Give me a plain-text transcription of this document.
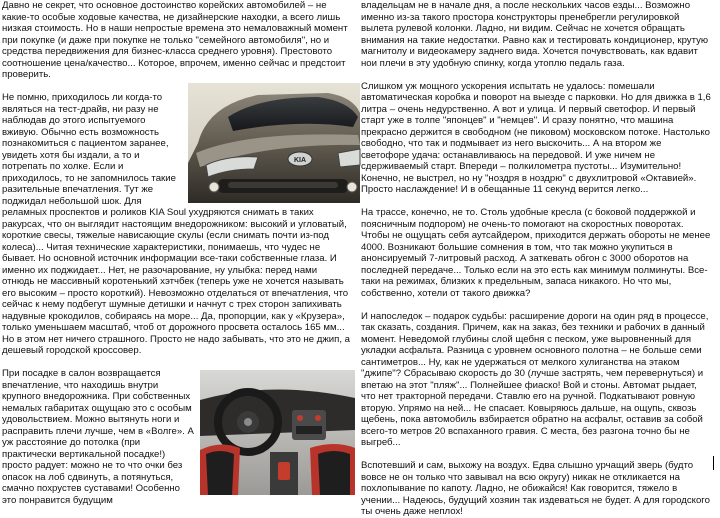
Давно не секрет, что основное достоинство корейских автомобилей – не какие-то особые ходовые качества, не дизайнерские находки, а всего лишь низкая стоимость. Но в наши непростые времена это немаловажный момент при покупке (и даже при покупке не только "семейного автомобиля", но и средства передвижения для бизнес-класса среднего уровня). Престовото соотношение цена/качество... Которое, впрочем, именно сейчас и предстоит проверить.

KIA

Не помню, приходилось ли когда-то являться на тест-драйв, ни разу не наблюдав до этого испытуемого вживую. Обычно есть возможность познакомиться с пациентом заранее, увидеть хотя бы издали, а то и потрепать по холке. Если и приходилось, то не запомнилось такие разительные впечатления. Тут же поджидал небольшой шок. Для реламных проспектов и роликов KIA Soul ухудряются снимать в таких ракурсах, что он выглядит настоящим внедорожником: высокий и угловатый, короткие свесы, тяжелые нависающие скулы (если снимать почти из-под колеса)... Читая технические характеристики, понимаешь, что чудес не бывает. Но основной источник информации все-таки собственные глаза. И именно их поджидает... Нет, не разочарование, ну улыбка: перед нами отнюдь не массивный коротенький хэтчбек (теперь уже не хочется называть его высоким – просто короткий). Невозможно отделаться от впечатления, что сейчас к нему подбегут шумные детишки и начнут с трех сторон запихивать надувные крокодилов, собираясь на море... Да, пропорции, как у «Крузера», только уменьшаем масштаб, чтоб от дорожного просвета осталось 165 мм... Но в этом нет ничего страшного. Просто не надо забывать, что это не джип, а дешевый городской кроссовер.

При посадке в салон возвращается впечатление, что находишь внутри крупного внедорожника. При собственных немалых габаритах ощущаю это с особым удовольствием. Можно вытянуть ноги и расправить плечи лучше, чем в «Волге». А уж расстояние до потолка (при практически вертикальной посадке!) просто радует: можно не то что очки без опасок на лоб сдвинуть, а потянуться, смачно похрустев суставами! Особенно это понравится будущим

владельцам не в начале дня, а после нескольких часов езды... Возможно именно из-за такого простора конструкторы пренебрегли регулировкой вылета рулевой колонки. Ладно, ни видим. Сейчас не хочется обращать внимания на такие недостатки. Равно как и тестировать кондиционер, крутую магнитолу и видеокамеру заднего вида. Хочется почувствовать, как вдавит нои плечи в эту удобную спинку, когда утоплю педаль газа.

Слишком уж мощного ускорения испытать не удалось: помешали автоматическая коробка и поворот на выезде с парковки. Но для движка в 1,6 литра – очень недурственно. А вот и улица. И первый светофор. И первый старт уже в толпе "японцев" и "немцев". И сразу понятно, что машина прекрасно держится в свободном (не пиковом) московском потоке. Настолько свободно, что так и подмывает из него выскочить... А на втором же светофоре удача: останавливаюсь на передовой. И уже ничем не сдерживаемый старт. Впереди – полкилометра пустоты... Изумительно! Конечно, не выстрел, но ну "ноздря в ноздрю" с двухлитровой «Октавией». Просто наслаждение! И в обещанные 11 секунд верится легко...

На трассе, конечно, не то. Столь удобные кресла (с боковой поддержкой и поясничным подпором) не очень-то помогают на скоростных поворотах. Чтобы не ощущать себя аутсайдером, приходится держать обороты не менее 4000. Возникают большие сомнения в том, что так можно укупиться в анонсируемый 7-литровый расход. А заткевать обгон с 3000 оборотов на последней передаче... Только если на это есть как минимум полминуты. Все-таки на режимах, близких к предельным, запаса никакого. Но что мы, собственно, хотели от такого движка?

И напоследок – подарок судьбы: расширение дороги на один ряд в процессе, так сказать, создания. Причем, как на заказ, без техники и рабочих в данный момент. Неведомой глубины слой щебня с песком, уже выровненный для укладки асфальта. Разница с уровнем основного полотна – не больше семи сантиметров... Ну, как не удержаться от мелкого хулиганства на этаком "джипе"? Сбрасываю скорость до 30 (лучше застрять, чем перевернуться) и впетаю на этот "пляж"... Полнейшее фиаско! Вой и стоны. Автомат рыдает, что нет тракторной передачи. Ставлю его на ручной. Подкатывают ровную вторую. Упрямо на ней... Не спасает. Ковыряюсь дальше, на ощупь, сквозь щебень, пока автомобиль взбирается обратно на асфальт, оставив за собой всего-то метров 20 вспаханного гравия. С места, без разгона точно бы не выгреб...

Вспотевший и сам, выхожу на воздух. Едва слышно урчащий зверь (будто вовсе не он только что завывал на всю округу) никак не откликается на похлопывание по капоту. Ладно, не обижайся! Как говорится, тяжело в учении... Надеюсь, будущий хозяин так издеваться не будет. А для городского ты очень даже неплох!
